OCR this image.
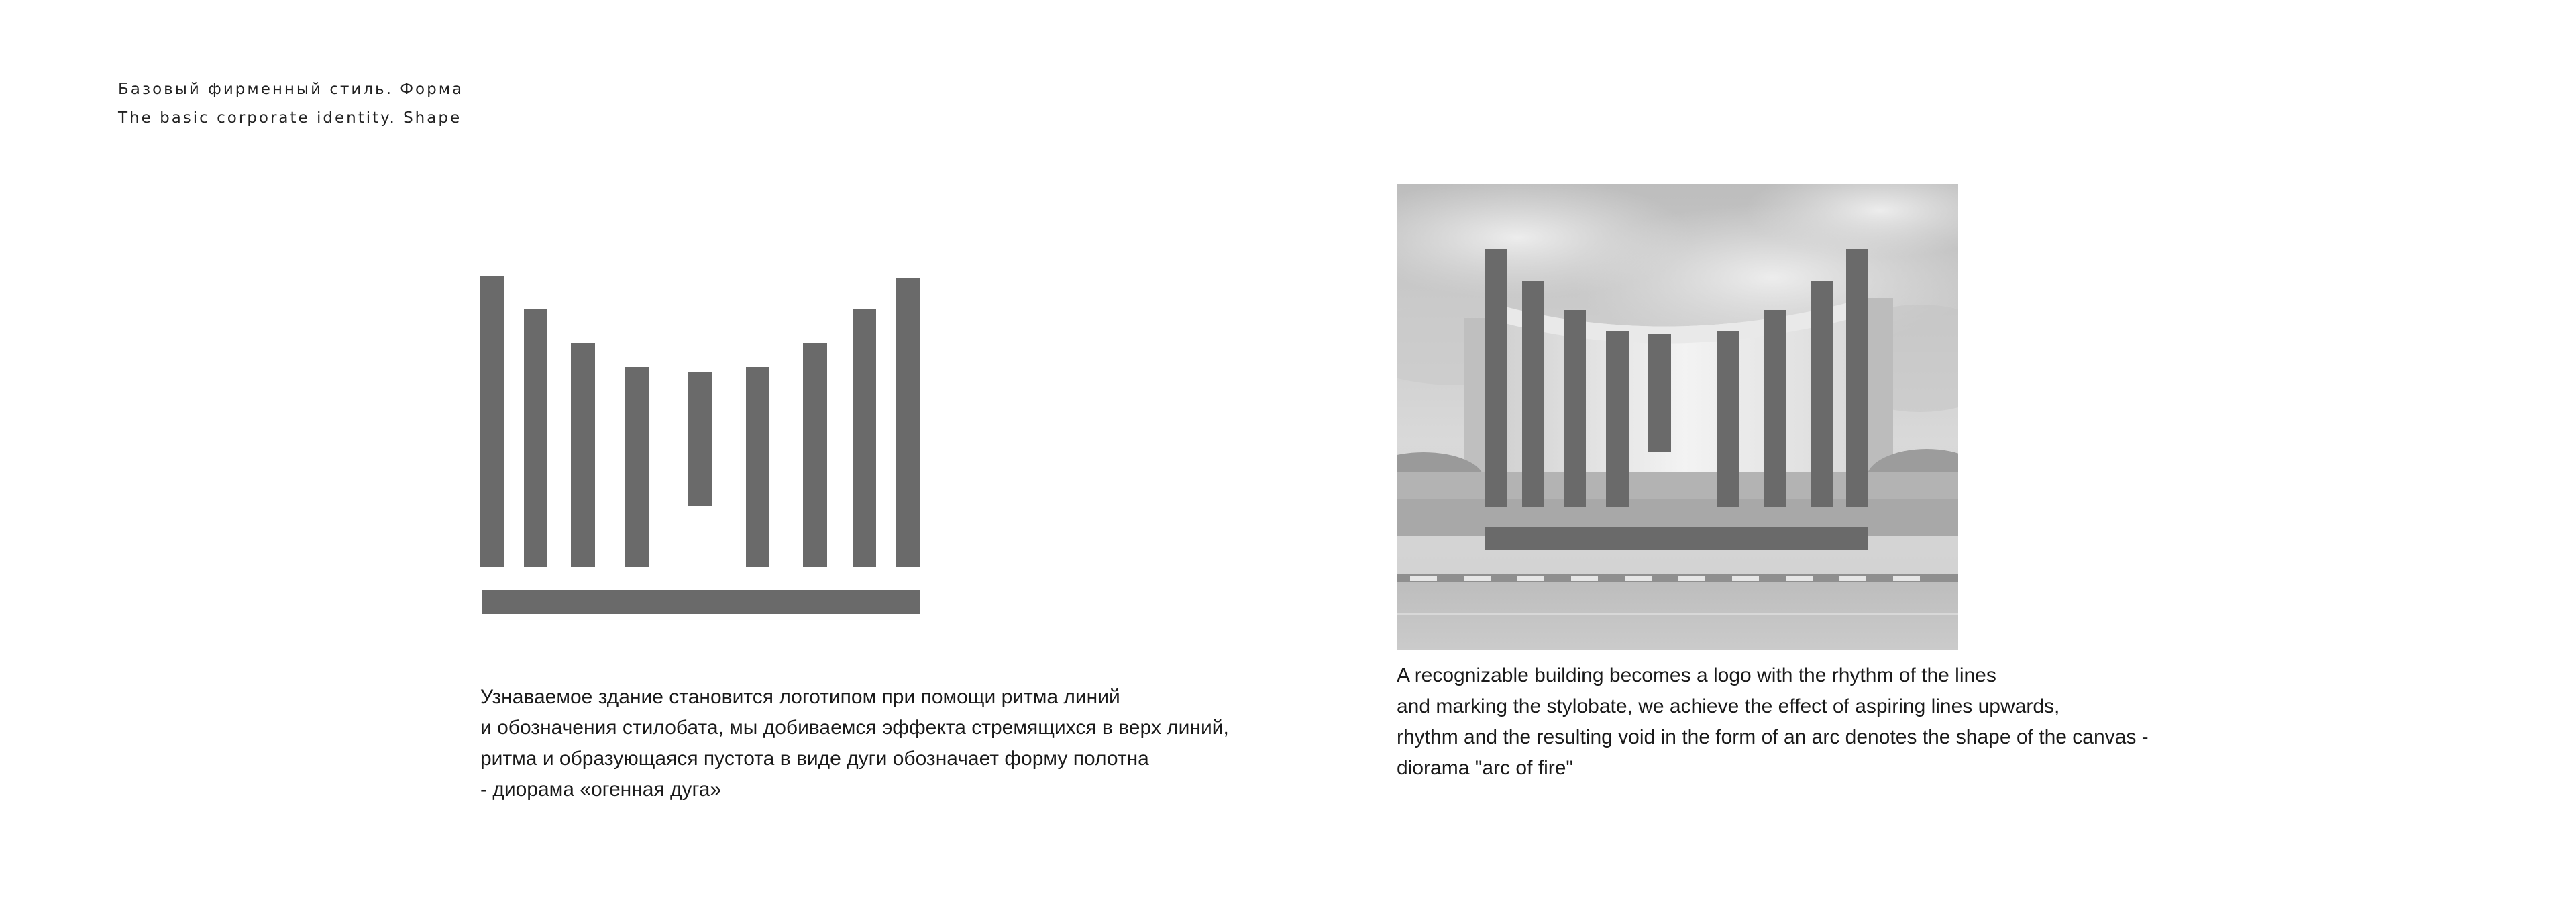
Базовый фирменный стиль. Форма
The basic corporate identity. Shape
Узнаваемое здание становится логотипом при помощи ритма линий
и обозначения стилобата, мы добиваемся эффекта стремящихся в верх линий,
ритма и образующаяся пустота в виде дуги обозначает форму полотна
- диорама «огенная дуга»
A recognizable building becomes a logo with the rhythm of the lines
and marking the stylobate, we achieve the effect of aspiring lines upwards,
rhythm and the resulting void in the form of an arc denotes the shape of the canvas -
diorama "arc of fire"
